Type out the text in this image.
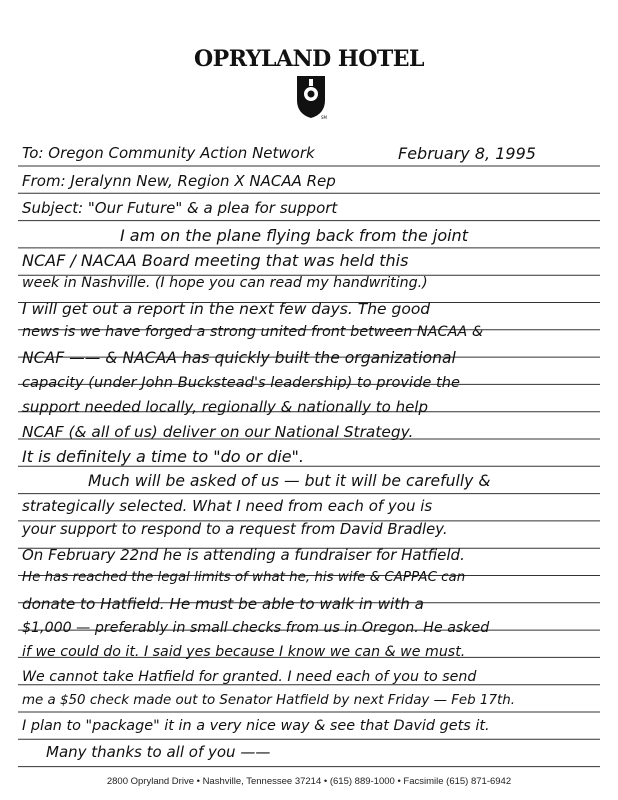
OPRYLAND HOTEL
SM
To: Oregon Community Action Network	February 8, 1995
From: Jeralynn New, Region X NACAA Rep
Subject: "Our Future" & a plea for support
I am on the plane flying back from the joint
NCAF / NACAA Board meeting that was held this
week in Nashville. (I hope you can read my handwriting.)
I will get out a report in the next few days. The good
news is we have forged a strong united front between NACAA &
NCAF —— & NACAA has quickly built the organizational
capacity (under John Buckstead's leadership) to provide the
support needed locally, regionally & nationally to help
NCAF (& all of us) deliver on our National Strategy.
It is definitely a time to "do or die".
Much will be asked of us — but it will be carefully &
strategically selected. What I need from each of you is
your support to respond to a request from David Bradley.
On February 22nd he is attending a fundraiser for Hatfield.
He has reached the legal limits of what he, his wife & CAPPAC can
donate to Hatfield. He must be able to walk in with a
$1,000 — preferably in small checks from us in Oregon. He asked
if we could do it. I said yes because I know we can & we must.
We cannot take Hatfield for granted. I need each of you to send
me a $50 check made out to Senator Hatfield by next Friday — Feb 17th.
I plan to "package" it in a very nice way & see that David gets it.
Many thanks to all of you ——
2800 Opryland Drive • Nashville, Tennessee 37214 • (615) 889-1000 • Facsimile (615) 871-6942
